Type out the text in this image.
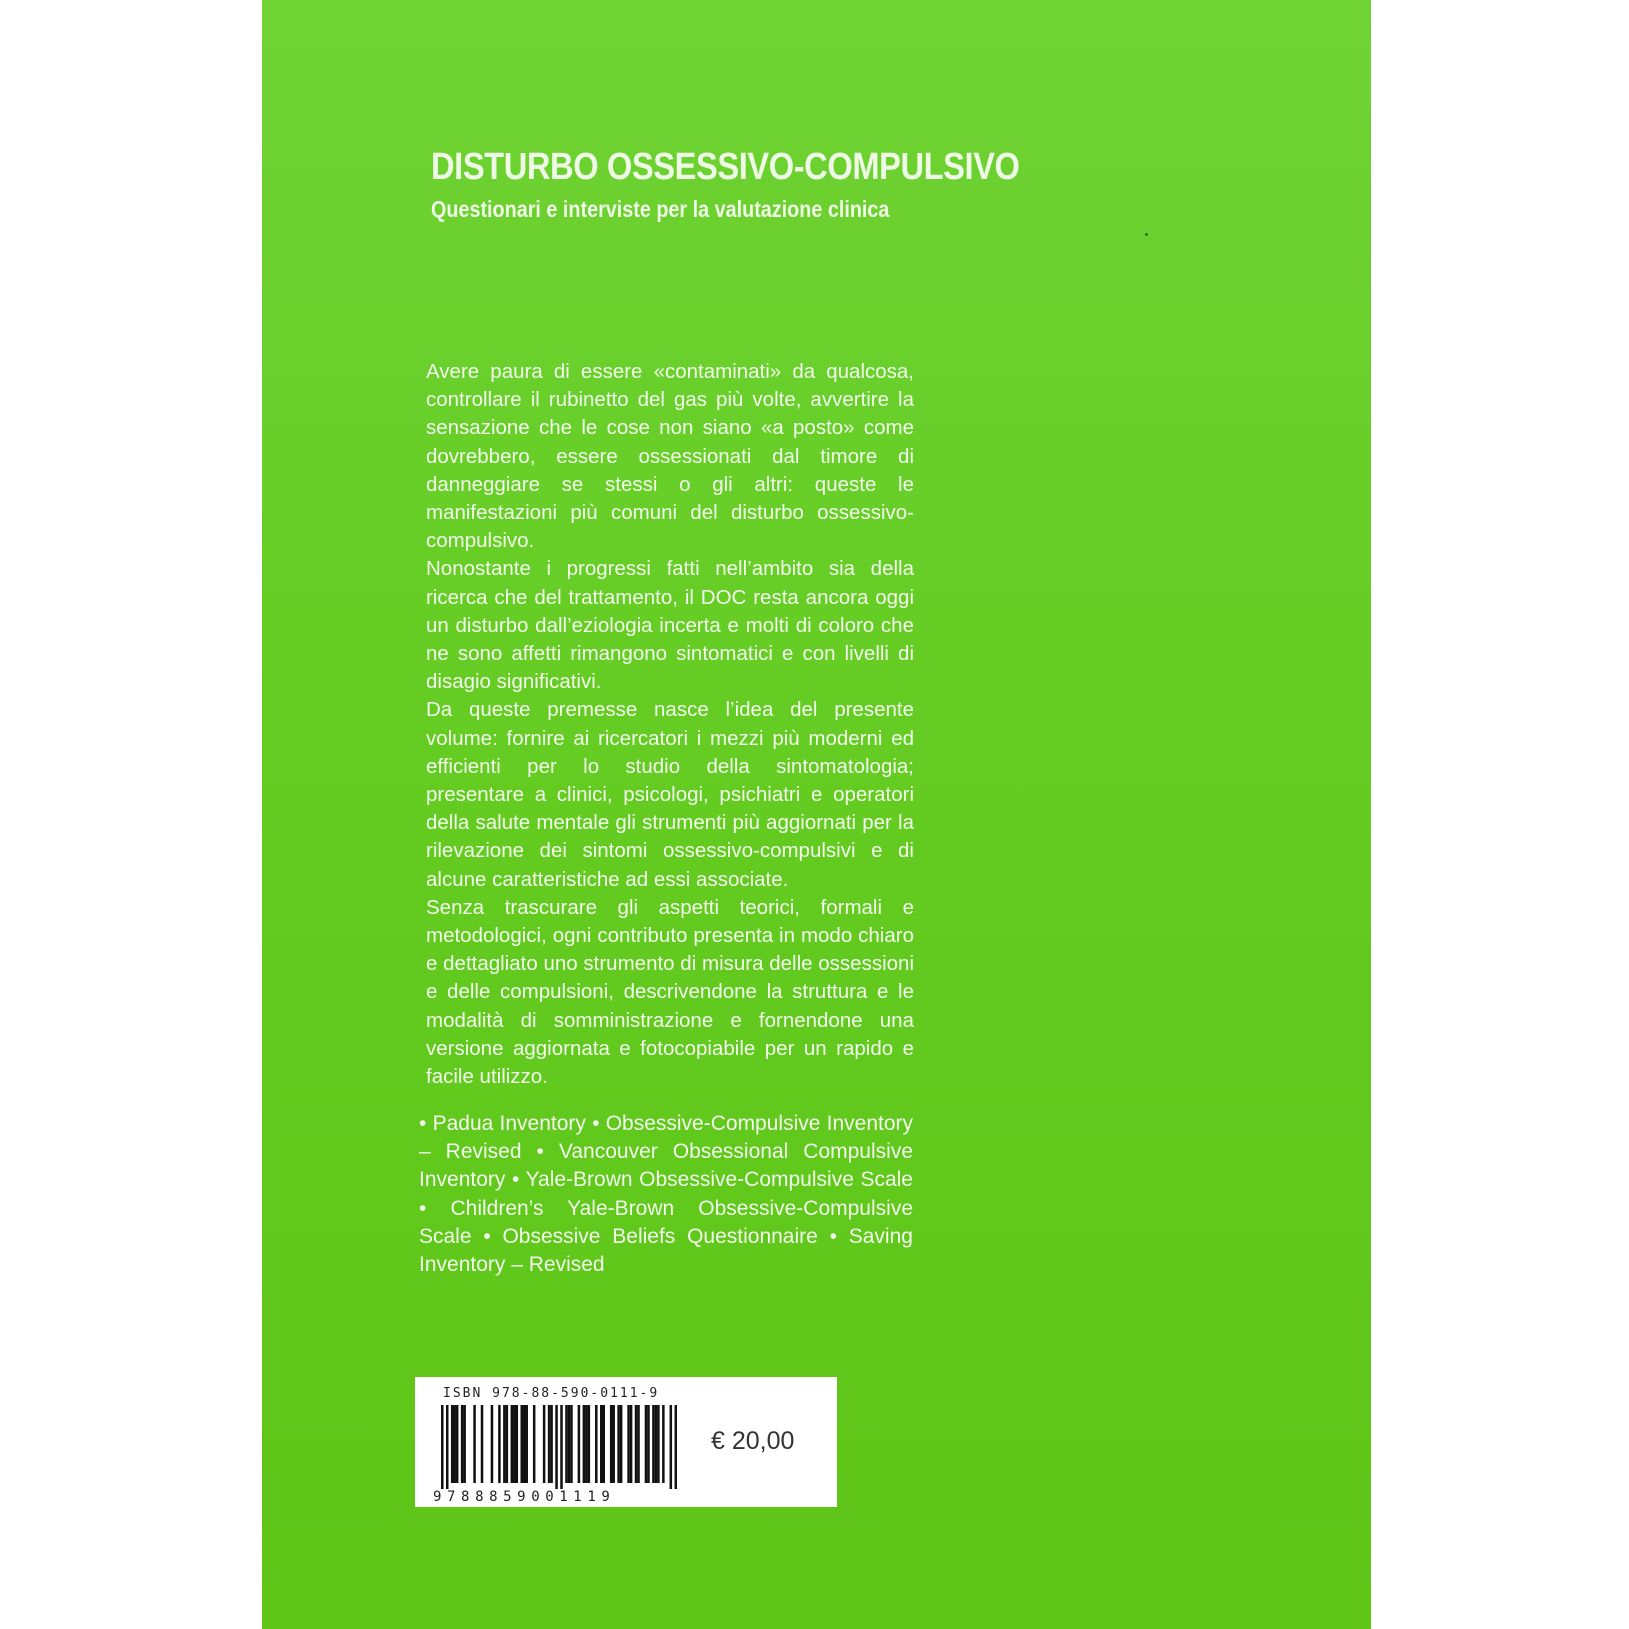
DISTURBO OSSESSIVO-COMPULSIVO
Questionari e interviste per la valutazione clinica

Avere paura di essere «contaminati» da qualcosa, controllare il rubinetto del gas più volte, avvertire la sensazione che le cose non siano «a posto» come dovrebbero, essere ossessionati dal timore di danneggiare se stessi o gli altri: queste le manifestazioni più comuni del disturbo ossessivo-compulsivo.

Nonostante i progressi fatti nell’ambito sia della ricerca che del trattamento, il DOC resta ancora oggi un disturbo dall’eziologia incerta e molti di coloro che ne sono affetti rimangono sintomatici e con livelli di disagio significativi.

Da queste premesse nasce l’idea del presente volume: fornire ai ricercatori i mezzi più moderni ed efficienti per lo studio della sintomatologia; presentare a clinici, psicologi, psichiatri e operatori della salute mentale gli strumenti più aggiornati per la rilevazione dei sintomi ossessivo-compulsivi e di alcune caratteristiche ad essi associate.

Senza trascurare gli aspetti teorici, formali e metodologici, ogni contributo presenta in modo chiaro e dettagliato uno strumento di misura delle ossessioni e delle compulsioni, descrivendone la struttura e le modalità di somministrazione e fornendone una versione aggiornata e fotocopiabile per un rapido e facile utilizzo.

• Padua Inventory • Obsessive-Compulsive Inventory – Revised • Vancouver Obsessional Compulsive Inventory • Yale-Brown Obsessive-Compulsive Scale • Children’s Yale-Brown Obsessive-Compulsive Scale • Obsessive Beliefs Questionnaire • Saving Inventory – Revised
ISBN 978-88-590-0111-9
9788859001119
€ 20,00
